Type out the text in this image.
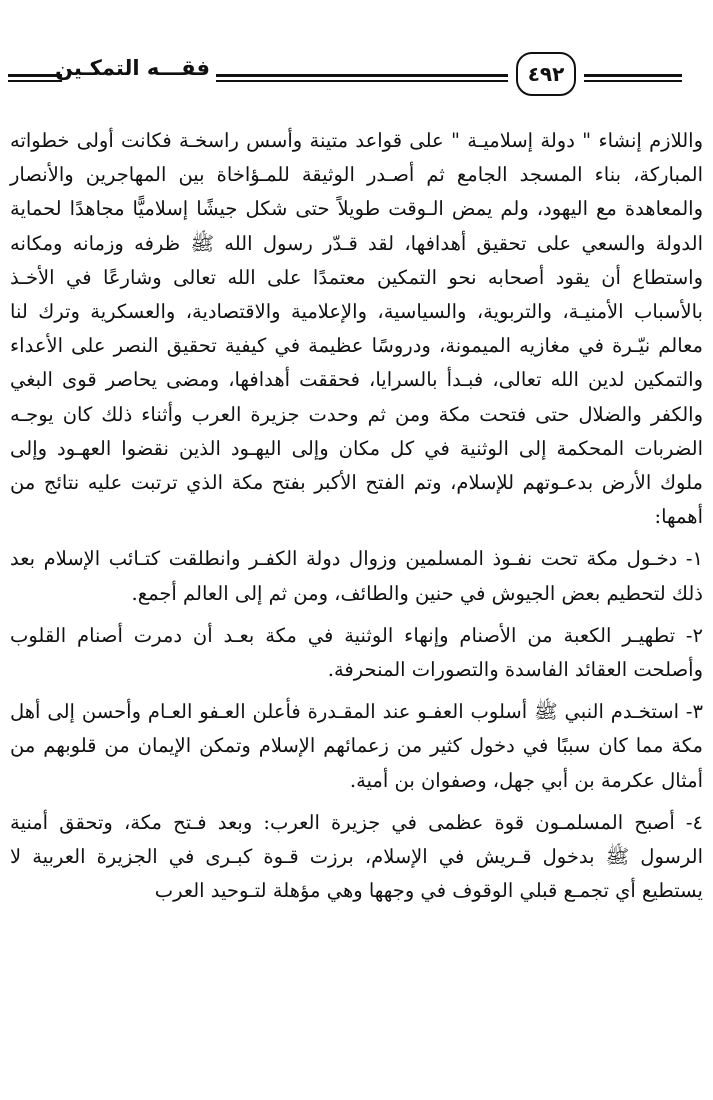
فقـــه التمكـين	٤٩٢

واللازم إنشاء " دولة إسلاميـة " على قواعد متينة وأسس راسخـة فكانت أولى خطواته المباركة، بناء المسجد الجامع ثم أصـدر الوثيقة للمـؤاخاة بين المهاجرين والأنصار والمعاهدة مع اليهود، ولم يمض الـوقت طويلاً حتى شكل جيشًا إسلاميًّا مجاهدًا لحماية الدولة والسعي على تحقيق أهدافها، لقد قـدّر رسول الله ﷺ ظرفه وزمانه ومكانه واستطاع أن يقود أصحابه نحو التمكين معتمدًا على الله تعالى وشارعًا في الأخـذ بالأسباب الأمنيـة، والتربوية، والسياسية، والإعلامية والاقتصادية، والعسكرية وترك لنا معالم نيّـرة في مغازيه الميمونة، ودروسًا عظيمة في كيفية تحقيق النصر على الأعداء والتمكين لدين الله تعالى، فبـدأ بالسرايا، فحققت أهدافها، ومضى يحاصر قوى البغي والكفر والضلال حتى فتحت مكة ومن ثم وحدت جزيرة العرب وأثناء ذلك كان يوجـه الضربات المحكمة إلى الوثنية في كل مكان وإلى اليهـود الذين نقضوا العهـود وإلى ملوك الأرض بدعـوتهم للإسلام، وتم الفتح الأكبر بفتح مكة الذي ترتبت عليه نتائج من أهمها:

١- دخـول مكة تحت نفـوذ المسلمين وزوال دولة الكفـر وانطلقت كتـائب الإسلام بعد ذلك لتحطيم بعض الجيوش في حنين والطائف، ومن ثم إلى العالم أجمع.

٢- تطهيـر الكعبة من الأصنام وإنهاء الوثنية في مكة بعـد أن دمرت أصنام القلوب وأصلحت العقائد الفاسدة والتصورات المنحرفة.

٣- استخـدم النبي ﷺ أسلوب العفـو عند المقـدرة فأعلن العـفو العـام وأحسن إلى أهل مكة مما كان سببًا في دخول كثير من زعمائهم الإسلام وتمكن الإيمان من قلوبهم من أمثال عكرمة بن أبي جهل، وصفوان بن أمية.

٤- أصبح المسلمـون قوة عظمى في جزيرة العرب: وبعد فـتح مكة، وتحقق أمنية الرسول ﷺ بدخول قـريش في الإسلام، برزت قـوة كبـرى في الجزيرة العربية لا يستطيع أي تجمـع قبلي الوقوف في وجهها وهي مؤهلة لتـوحيد العرب
